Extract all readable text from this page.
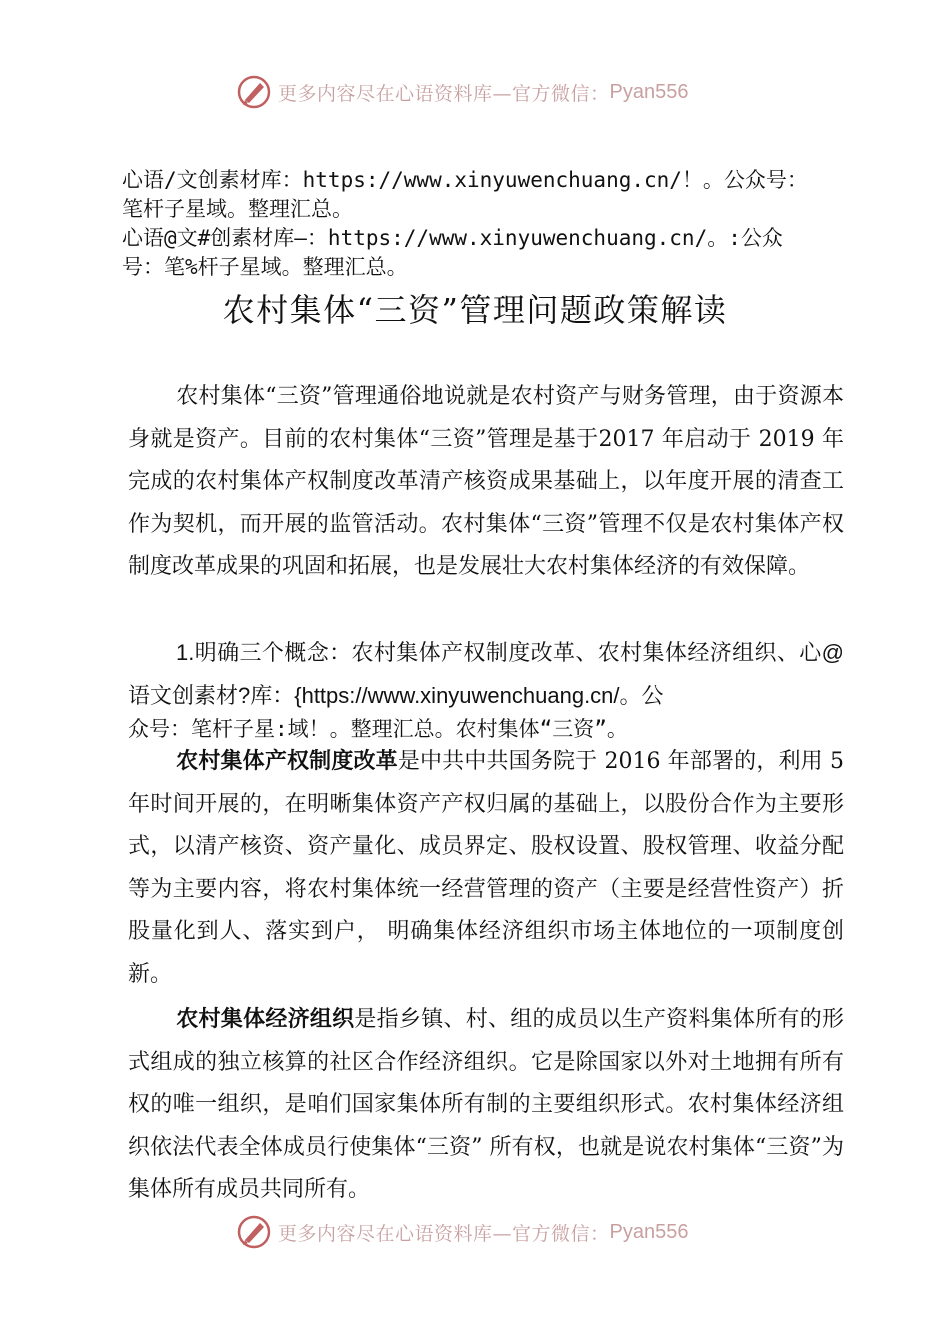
更多内容尽在心语资料库—官方微信： Pyan556

心语/文创素材库：https://www.xinyuwenchuang.cn/！。公众号：

笔杆子星域。整理汇总。

心语@文#创素材库—：https://www.xinyuwenchuang.cn/。:公众

号：笔%杆子星域。整理汇总。

农村集体“三资”管理问题政策解读

农村集体“三资”管理通俗地说就是农村资产与财务管理，由于资源本身就是资产。目前的农村集体“三资”管理是基于2017 年启动于 2019 年完成的农村集体产权制度改革清产核资成果基础上，以年度开展的清查工作为契机，而开展的监管活动。农村集体“三资”管理不仅是农村集体产权制度改革成果的巩固和拓展，也是发展壮大农村集体经济的有效保障。

1.明确三个概念：农村集体产权制度改革、农村集体经济组织、心@语文创素材?库：{https://www.xinyuwenchuang.cn/。公
众号：笔杆子星:域！。整理汇总。农村集体“三资”。

农村集体产权制度改革是中共中共国务院于 2016 年部署的，利用 5 年时间开展的，在明晰集体资产产权归属的基础上，以股份合作为主要形式，以清产核资、资产量化、成员界定、股权设置、股权管理、收益分配等为主要内容，将农村集体统一经营管理的资产（主要是经营性资产）折股量化到人、落实到户， 明确集体经济组织市场主体地位的一项制度创新。

农村集体经济组织是指乡镇、村、组的成员以生产资料集体所有的形式组成的独立核算的社区合作经济组织。它是除国家以外对土地拥有所有权的唯一组织，是咱们国家集体所有制的主要组织形式。农村集体经济组织依法代表全体成员行使集体“三资” 所有权，也就是说农村集体“三资”为集体所有成员共同所有。

更多内容尽在心语资料库—官方微信： Pyan556
